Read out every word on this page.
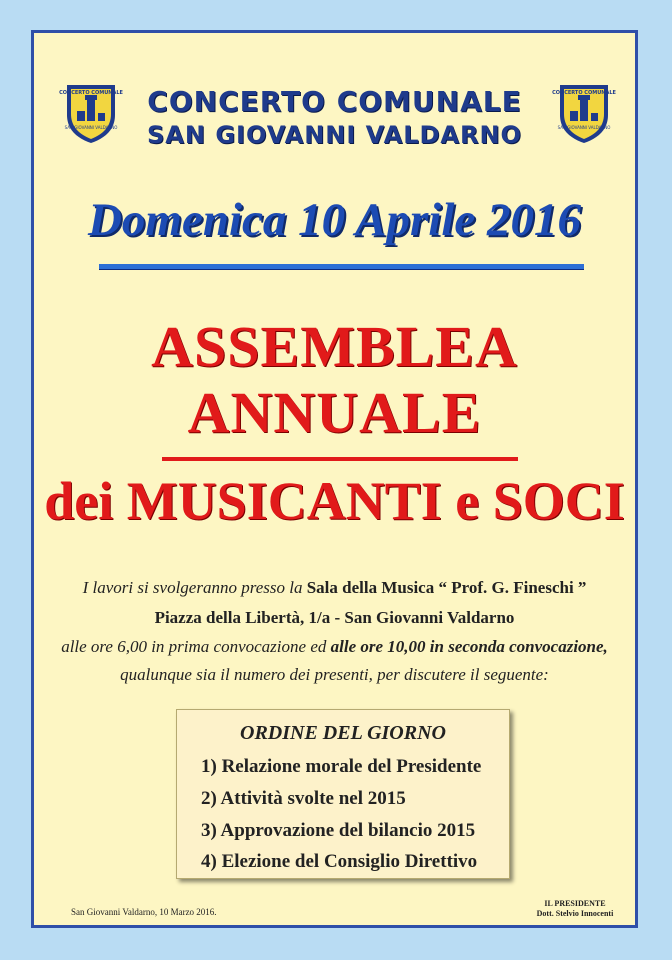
CONCERTO COMUNALE
SAN GIOVANNI VALDARNO
CONCERTO COMUNALE
SAN GIOVANNI VALDARNO
CONCERTO COMUNALE
SAN GIOVANNI VALDARNO
Domenica 10 Aprile 2016
ASSEMBLEA
ANNUALE
dei MUSICANTI e SOCI
I lavori si svolgeranno presso la Sala della Musica “ Prof. G. Fineschi ”
Piazza della Libertà, 1/a - San Giovanni Valdarno
alle ore 6,00 in prima convocazione ed alle ore 10,00 in seconda convocazione,
qualunque sia il numero dei presenti, per discutere il seguente:
ORDINE DEL GIORNO
1) Relazione morale del Presidente
2) Attività svolte nel 2015
3) Approvazione del bilancio 2015
4) Elezione del Consiglio Direttivo
San Giovanni Valdarno, 10 Marzo 2016.
IL PRESIDENTE
Dott. Stelvio Innocenti
